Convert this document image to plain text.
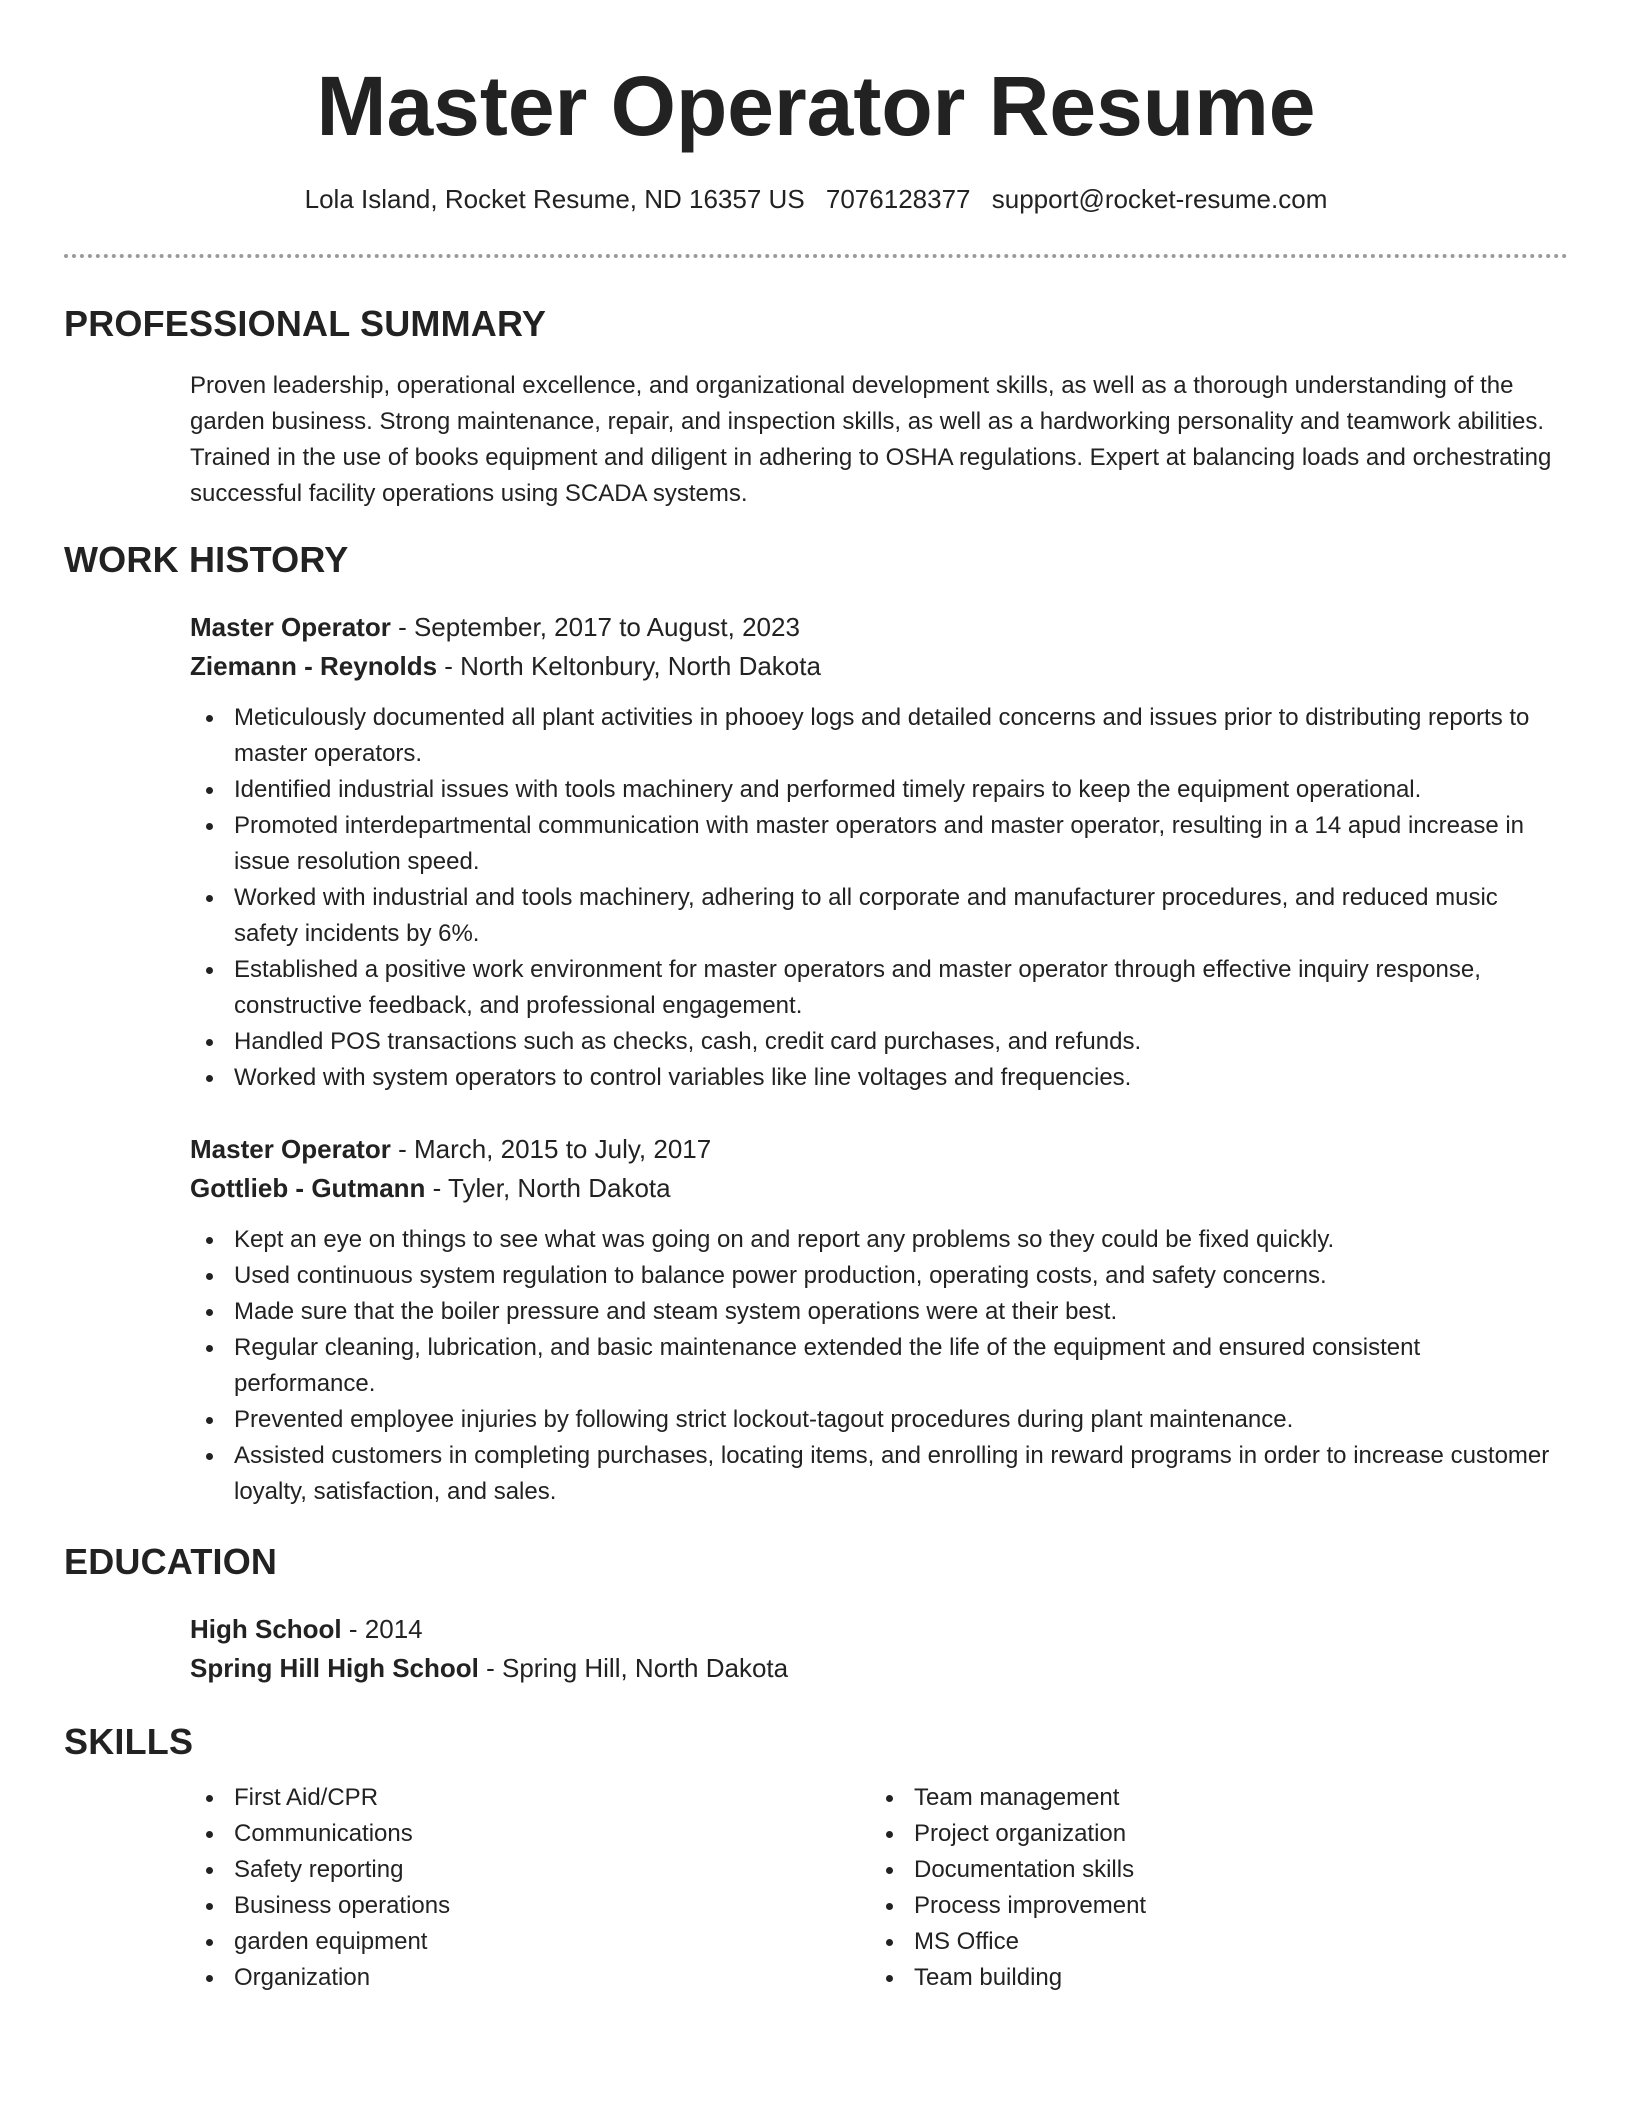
Master Operator Resume
Lola Island, Rocket Resume, ND 16357 US 7076128377 support@rocket-resume.com
PROFESSIONAL SUMMARY

Proven leadership, operational excellence, and organizational development skills, as well as a thorough understanding of the garden business. Strong maintenance, repair, and inspection skills, as well as a hardworking personality and teamwork abilities. Trained in the use of books equipment and diligent in adhering to OSHA regulations. Expert at balancing loads and orchestrating successful facility operations using SCADA systems.

WORK HISTORY
Master Operator - September, 2017 to August, 2023
Ziemann - Reynolds - North Keltonbury, North Dakota
Meticulously documented all plant activities in phooey logs and detailed concerns and issues prior to distributing reports to master operators.
Identified industrial issues with tools machinery and performed timely repairs to keep the equipment operational.
Promoted interdepartmental communication with master operators and master operator, resulting in a 14 apud increase in issue resolution speed.
Worked with industrial and tools machinery, adhering to all corporate and manufacturer procedures, and reduced music safety incidents by 6%.
Established a positive work environment for master operators and master operator through effective inquiry response, constructive feedback, and professional engagement.
Handled POS transactions such as checks, cash, credit card purchases, and refunds.
Worked with system operators to control variables like line voltages and frequencies.
Master Operator - March, 2015 to July, 2017
Gottlieb - Gutmann - Tyler, North Dakota
Kept an eye on things to see what was going on and report any problems so they could be fixed quickly.
Used continuous system regulation to balance power production, operating costs, and safety concerns.
Made sure that the boiler pressure and steam system operations were at their best.
Regular cleaning, lubrication, and basic maintenance extended the life of the equipment and ensured consistent performance.
Prevented employee injuries by following strict lockout-tagout procedures during plant maintenance.
Assisted customers in completing purchases, locating items, and enrolling in reward programs in order to increase customer loyalty, satisfaction, and sales.
EDUCATION
High School - 2014
Spring Hill High School - Spring Hill, North Dakota
SKILLS
First Aid/CPR
Communications
Safety reporting
Business operations
garden equipment
Organization
Team management
Project organization
Documentation skills
Process improvement
MS Office
Team building
